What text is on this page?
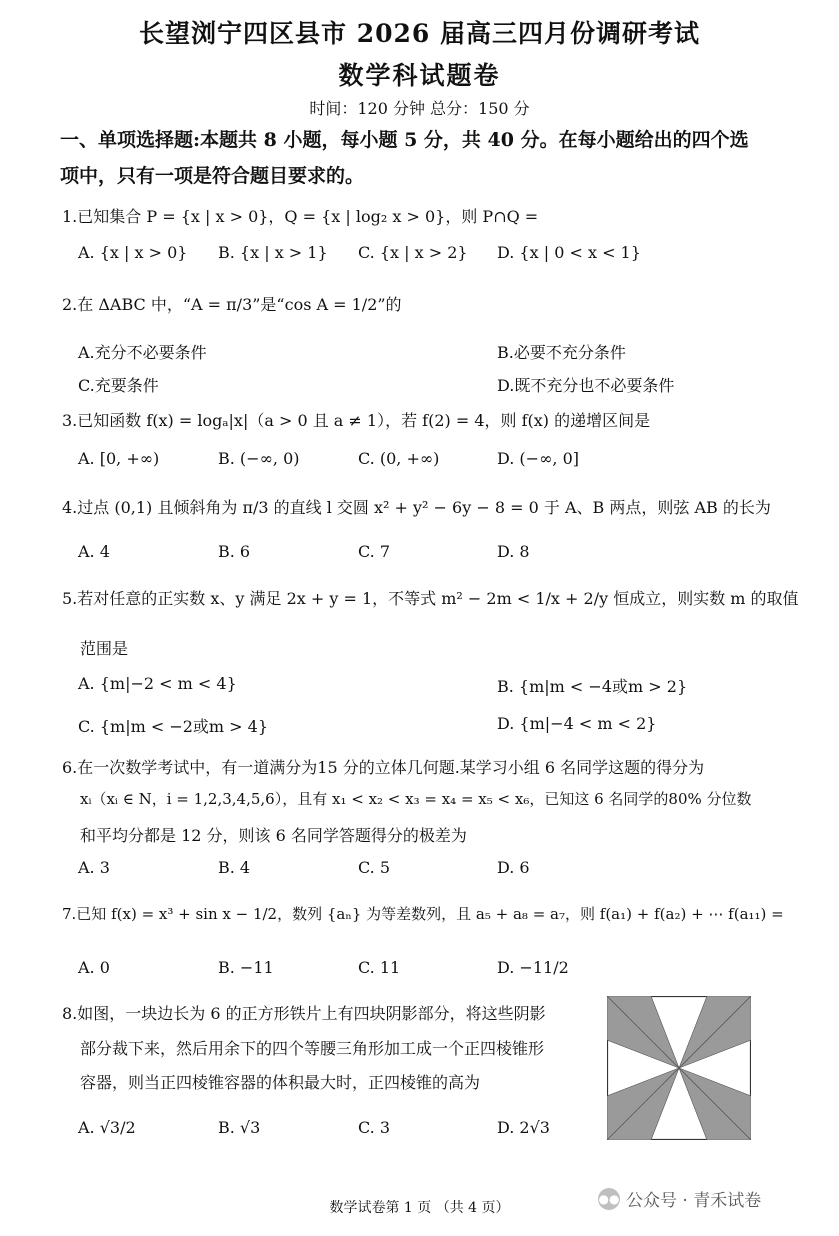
长望浏宁四区县市 2026 届高三四月份调研考试
数学科试题卷
时间：120 分钟 总分：150 分
一、单项选择题:本题共 8 小题，每小题 5 分，共 40 分。在每小题给出的四个选
项中，只有一项是符合题目要求的。
1.已知集合 P = {x | x > 0}，Q = {x | log₂ x > 0}，则 P∩Q =
A. {x | x > 0} B. {x | x > 1} C. {x | x > 2} D. {x | 0 < x < 1}
2.在 ΔABC 中，“A = π/3”是“cos A = 1/2”的
A.充分不必要条件	B.必要不充分条件
C.充要条件	D.既不充分也不必要条件
3.已知函数 f(x) = logₐ|x|（a > 0 且 a ≠ 1），若 f(2) = 4，则 f(x) 的递增区间是
A. [0, +∞)	B. (−∞, 0)	C. (0, +∞)	D. (−∞, 0]
4.过点 (0,1) 且倾斜角为 π/3 的直线 l 交圆 x² + y² − 6y − 8 = 0 于 A、B 两点，则弦 AB 的长为
A. 4	B. 6	C. 7	D. 8
5.若对任意的正实数 x、y 满足 2x + y = 1，不等式 m² − 2m < 1/x + 2/y 恒成立，则实数 m 的取值
范围是
A. {m|−2 < m < 4}	B. {m|m < −4或m > 2}
C. {m|m < −2或m > 4}	D. {m|−4 < m < 2}
6.在一次数学考试中，有一道满分为15 分的立体几何题.某学习小组 6 名同学这题的得分为
xᵢ（xᵢ ∈ N，i = 1,2,3,4,5,6），且有 x₁ < x₂ < x₃ = x₄ = x₅ < x₆，已知这 6 名同学的80% 分位数
和平均分都是 12 分，则该 6 名同学答题得分的极差为
A. 3	B. 4	C. 5	D. 6
7.已知 f(x) = x³ + sin x − 1/2，数列 {aₙ} 为等差数列，且 a₅ + a₈ = a₇，则 f(a₁) + f(a₂) + ⋯ f(a₁₁) =
A. 0	B. −11	C. 11	D. −11/2
8.如图，一块边长为 6 的正方形铁片上有四块阴影部分，将这些阴影
部分裁下来，然后用余下的四个等腰三角形加工成一个正四棱锥形
容器，则当正四棱锥容器的体积最大时，正四棱锥的高为
A. √3/2	B. √3	C. 3	D. 2√3
数学试卷第 1 页 （共 4 页）
●● 公众号 · 青禾试卷
